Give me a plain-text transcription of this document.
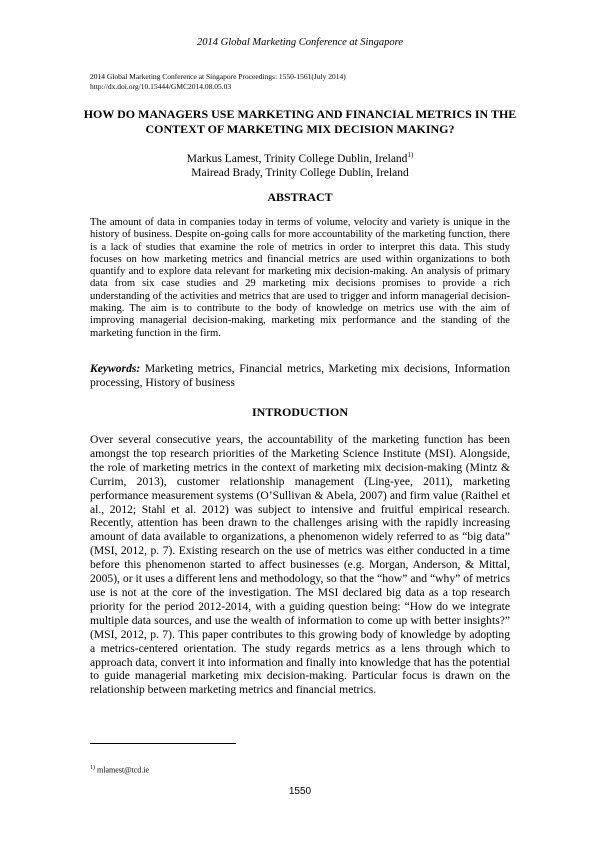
2014 Global Marketing Conference at Singapore
2014 Global Marketing Conference at Singapore Proceedings: 1550-1561(July 2014)
http://dx.doi.org/10.15444/GMC2014.08.05.03
HOW DO MANAGERS USE MARKETING AND FINANCIAL METRICS IN THE CONTEXT OF MARKETING MIX DECISION MAKING?
Markus Lamest, Trinity College Dublin, Ireland$^{1)}$
Mairead Brady, Trinity College Dublin, Ireland
ABSTRACT
The amount of data in companies today in terms of volume, velocity and variety is unique in the history of business. Despite on-going calls for more accountability of the marketing function, there is a lack of studies that examine the role of metrics in order to interpret this data. This study focuses on how marketing metrics and financial metrics are used within organizations to both quantify and to explore data relevant for marketing mix decision-making. An analysis of primary data from six case studies and 29 marketing mix decisions promises to provide a rich understanding of the activities and metrics that are used to trigger and inform managerial decision-making. The aim is to contribute to the body of knowledge on metrics use with the aim of improving managerial decision-making, marketing mix performance and the standing of the marketing function in the firm.
Keywords: Marketing metrics, Financial metrics, Marketing mix decisions, Information processing, History of business
INTRODUCTION
Over several consecutive years, the accountability of the marketing function has been amongst the top research priorities of the Marketing Science Institute (MSI). Alongside, the role of marketing metrics in the context of marketing mix decision-making (Mintz & Currim, 2013), customer relationship management (Ling-yee, 2011), marketing performance measurement systems (O’Sullivan & Abela, 2007) and firm value (Raithel et al., 2012; Stahl et al. 2012) was subject to intensive and fruitful empirical research. Recently, attention has been drawn to the challenges arising with the rapidly increasing amount of data available to organizations, a phenomenon widely referred to as “big data” (MSI, 2012, p. 7). Existing research on the use of metrics was either conducted in a time before this phenomenon started to affect businesses (e.g. Morgan, Anderson, & Mittal, 2005), or it uses a different lens and methodology, so that the “how” and “why” of metrics use is not at the core of the investigation. The MSI declared big data as a top research priority for the period 2012-2014, with a guiding question being: “How do we integrate multiple data sources, and use the wealth of information to come up with better insights?” (MSI, 2012, p. 7). This paper contributes to this growing body of knowledge by adopting a metrics-centered orientation. The study regards metrics as a lens through which to approach data, convert it into information and finally into knowledge that has the potential to guide managerial marketing mix decision-making. Particular focus is drawn on the relationship between marketing metrics and financial metrics.
$^{1)}$ mlamest@tcd.ie
1550
